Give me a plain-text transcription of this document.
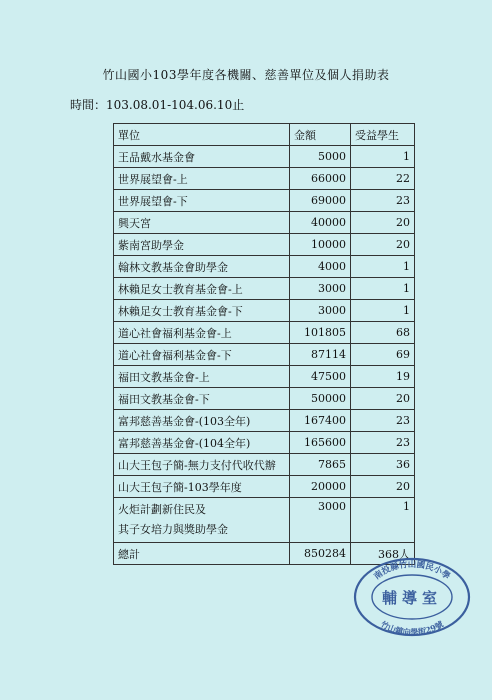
竹山國小103學年度各機關、慈善單位及個人捐助表
時間：103.08.01-104.06.10止
單位	金額	受益學生
王品戴水基金會	5000	1
世界展望會-上	66000	22
世界展望會-下	69000	23
興天宮	40000	20
紫南宮助學金	10000	20
翰林文教基金會助學金	4000	1
林賴足女士教育基金會-上	3000	1
林賴足女士教育基金會-下	3000	1
道心社會福利基金會-上	101805	68
道心社會福利基金會-下	87114	69
福田文教基金會-上	47500	19
福田文教基金會-下	50000	20
富邦慈善基金會-(103全年)	167400	23
富邦慈善基金會-(104全年)	165600	23
山大王包子簡-無力支付代收代辦	7865	36
山大王包子簡-103學年度	20000	20

火炬計劃新住民及
其子女培力與獎助學金	3000	1
總計	850284	368人
南投縣竹山國民小學
輔導室
竹山鎮向學街29號
